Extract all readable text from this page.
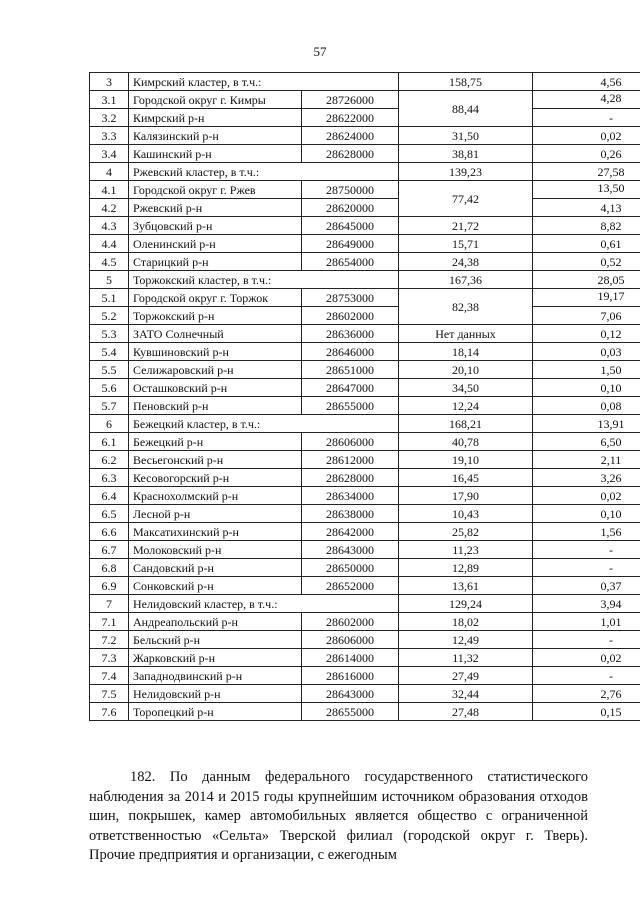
57
3	Кимрский кластер, в т.ч.:		158,75	4,56
3.1	Городской округ г. Кимры	28726000	88,44	4,28
3.2	Кимрский р-н	28622000		-
3.3	Калязинский р-н	28624000	31,50	0,02
3.4	Кашинский р-н	28628000	38,81	0,26
4	Ржевский кластер, в т.ч.:		139,23	27,58
4.1	Городской округ г. Ржев	28750000	77,42	13,50
4.2	Ржевский р-н	28620000		4,13
4.3	Зубцовский р-н	28645000	21,72	8,82
4.4	Оленинский р-н	28649000	15,71	0,61
4.5	Старицкий р-н	28654000	24,38	0,52
5	Торжокский кластер, в т.ч.:		167,36	28,05
5.1	Городской округ г. Торжок	28753000	82,38	19,17
5.2	Торжокский р-н	28602000		7,06
5.3	ЗАТО Солнечный	28636000	Нет данных	0,12
5.4	Кувшиновский р-н	28646000	18,14	0,03
5.5	Селижаровский р-н	28651000	20,10	1,50
5.6	Осташковский р-н	28647000	34,50	0,10
5.7	Пеновский р-н	28655000	12,24	0,08
6	Бежецкий кластер, в т.ч.:		168,21	13,91
6.1	Бежецкий р-н	28606000	40,78	6,50
6.2	Весьегонский р-н	28612000	19,10	2,11
6.3	Кесовогорский р-н	28628000	16,45	3,26
6.4	Краснохолмский р-н	28634000	17,90	0,02
6.5	Лесной р-н	28638000	10,43	0,10
6.6	Максатихинский р-н	28642000	25,82	1,56
6.7	Молоковский р-н	28643000	11,23	-
6.8	Сандовский р-н	28650000	12,89	-
6.9	Сонковский р-н	28652000	13,61	0,37
7	Нелидовский кластер, в т.ч.:		129,24	3,94
7.1	Андреапольский р-н	28602000	18,02	1,01
7.2	Бельский р-н	28606000	12,49	-
7.3	Жарковский р-н	28614000	11,32	0,02
7.4	Западнодвинский р-н	28616000	27,49	-
7.5	Нелидовский р-н	28643000	32,44	2,76
7.6	Торопецкий р-н	28655000	27,48	0,15
182. По данным федерального государственного статистического наблюдения за 2014 и 2015 годы крупнейшим источником образования отходов шин, покрышек, камер автомобильных является общество с ограниченной ответственностью «Сельта» Тверской филиал (городской округ г. Тверь). Прочие предприятия и организации, с ежегодным
